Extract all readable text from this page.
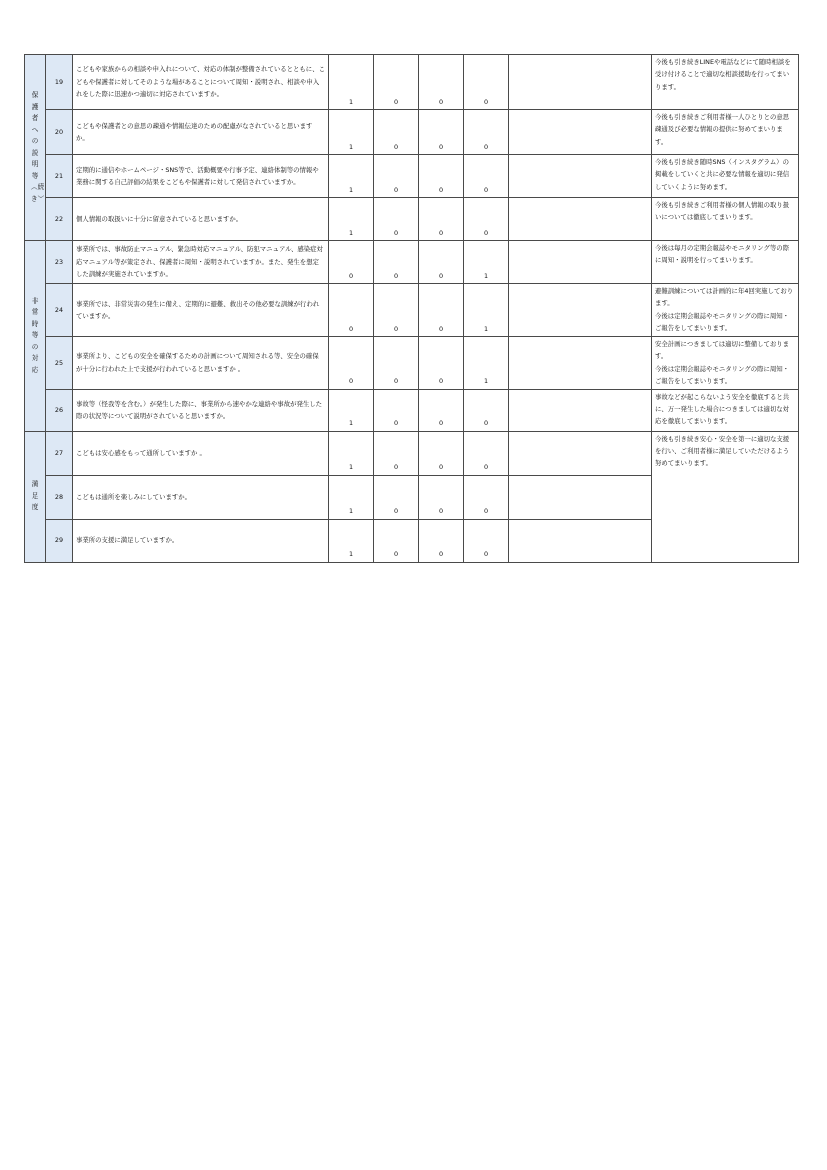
保護者への説明等︵続き︶	19	こどもや家族からの相談や申入れについて、対応の体制が整備されているとともに、こどもや保護者に対してそのような場があることについて周知・説明され、相談や申入れをした際に迅速かつ適切に対応されていますか。	1	0	0	0		今後も引き続きLINEや電話などにて随時相談を受け付けることで適切な相談援助を行ってまいります。
	20	こどもや保護者との意思の疎通や情報伝達のための配慮がなされていると思いますか。	1	0	0	0		今後も引き続きご利用者様一人ひとりとの意思疎通及び必要な情報の提供に努めてまいります。
	21	定期的に通信やホームページ・SNS等で、活動概要や行事予定、連絡体制等の情報や業務に関する自己評価の結果をこどもや保護者に対して発信されていますか。	1	0	0	0		今後も引き続き随時SNS（インスタグラム）の掲載をしていくと共に必要な情報を適切に発信していくように努めます。
	22	個人情報の取扱いに十分に留意されていると思いますか。	1	0	0	0		今後も引き続きご利用者様の個人情報の取り扱いについては徹底してまいります。
非常時等の対応	23	事業所では、事故防止マニュアル、緊急時対応マニュアル、防犯マニュアル、感染症対応マニュアル等が策定され、保護者に周知・説明されていますか。また、発生を想定した訓練が実施されていますか。	0	0	0	1		今後は毎月の定期会報誌やモニタリング等の際に周知・説明を行ってまいります。
	24	事業所では、非常災害の発生に備え、定期的に避難、救出その他必要な訓練が行われていますか。	0	0	0	1		避難訓練については計画的に年4回実施しております。
今後は定期会報誌やモニタリングの際に周知・ご報告をしてまいります。
	25	事業所より、こどもの安全を確保するための計画について周知される等、安全の確保が十分に行われた上で支援が行われていると思いますか 。	0	0	0	1		安全計画につきましては適切に整備しております。
今後は定期会報誌やモニタリングの際に周知・ご報告をしてまいります。
	26	事故等（怪我等を含む。）が発生した際に、事業所から速やかな連絡や事故が発生した際の状況等について説明がされていると思いますか。	1	0	0	0		事故などが起こらないよう安全を徹底すると共に、万一発生した場合につきましては適切な対応を徹底してまいります。
満足度	27	こどもは安心感をもって通所していますか 。	1	0	0	0		今後も引き続き安心・安全を第一に適切な支援を行い、ご利用者様に満足していただけるよう努めてまいります。
	28	こどもは通所を楽しみにしていますか。	1	0	0	0		
	29	事業所の支援に満足していますか。	1	0	0	0		
